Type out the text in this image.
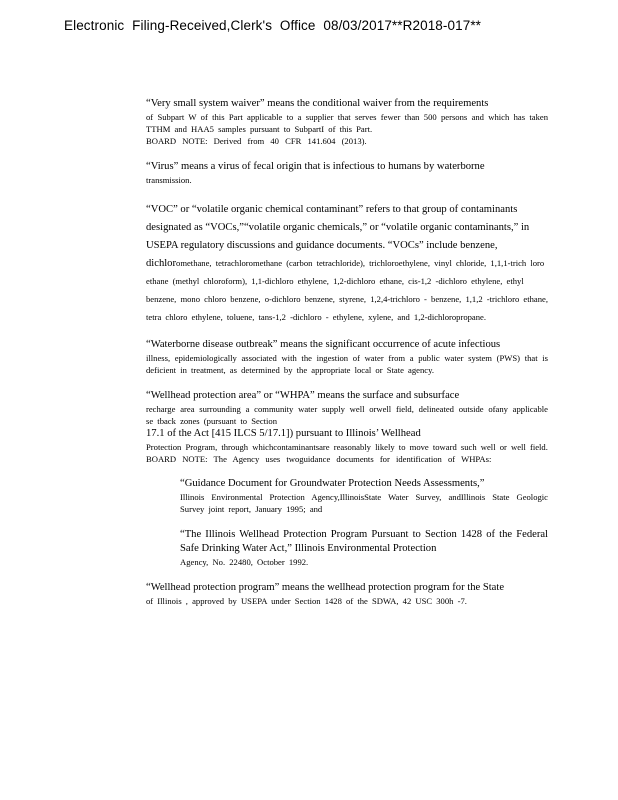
Electronic Filing-Received,Clerk's Office 08/03/2017**R2018-017**
“Very small system waiver” means the conditional waiver from the requirements
of Subpart W of this Part applicable to a supplier that serves fewer than 500 persons and which has taken TTHM and HAA5 samples pursuant to SubpartI of this Part.
BOARD NOTE: Derived from 40 CFR 141.604 (2013).
“Virus” means a virus of fecal origin that is infectious to humans by waterborne
transmission.
“VOC” or “volatile organic chemical contaminant” refers to that group of contaminants designated as “VOCs,”“volatile organic chemicals,” or “volatile organic contaminants,” in USEPA regulatory discussions and guidance documents. “VOCs” include benzene, dichloromethane, tetrachloromethane (carbon tetrachloride), trichloroethylene, vinyl chloride, 1,1,1-trich loro ethane (methyl chloroform), 1,1-dichloro ethylene, 1,2-dichloro ethane, cis-1,2 -dichloro ethylene, ethyl benzene, mono chloro benzene, o-dichloro benzene, styrene, 1,2,4-trichloro - benzene, 1,1,2 -trichloro ethane, tetra chloro ethylene, toluene, tans-1,2 -dichloro - ethylene, xylene, and 1,2-dichloropropane.
“Waterborne disease outbreak” means the significant occurrence of acute infectious
illness, epidemiologically associated with the ingestion of water from a public water system (PWS) that is deficient in treatment, as determined by the appropriate local or State agency.
“Wellhead protection area” or “WHPA” means the surface and subsurface
recharge area surrounding a community water supply well orwell field, delineated outside ofany applicable se tback zones (pursuant to Section
17.1 of the Act [415 ILCS 5/17.1]) pursuant to Illinois’ Wellhead
Protection Program, through whichcontaminantsare reasonably likely to move toward such well or well field.
BOARD NOTE: The Agency uses twoguidance documents for identification of WHPAs:
“Guidance Document for Groundwater Protection Needs Assessments,”
Illinois Environmental Protection Agency,IllinoisState Water Survey, andIllinois State Geologic Survey joint report, January 1995; and
“The Illinois Wellhead Protection Program Pursuant to Section 1428 of the Federal Safe Drinking Water Act,” Illinois Environmental Protection
Agency, No. 22480, October 1992.
“Wellhead protection program” means the wellhead protection program for the State
of Illinois , approved by USEPA under Section 1428 of the SDWA, 42 USC 300h -7.
